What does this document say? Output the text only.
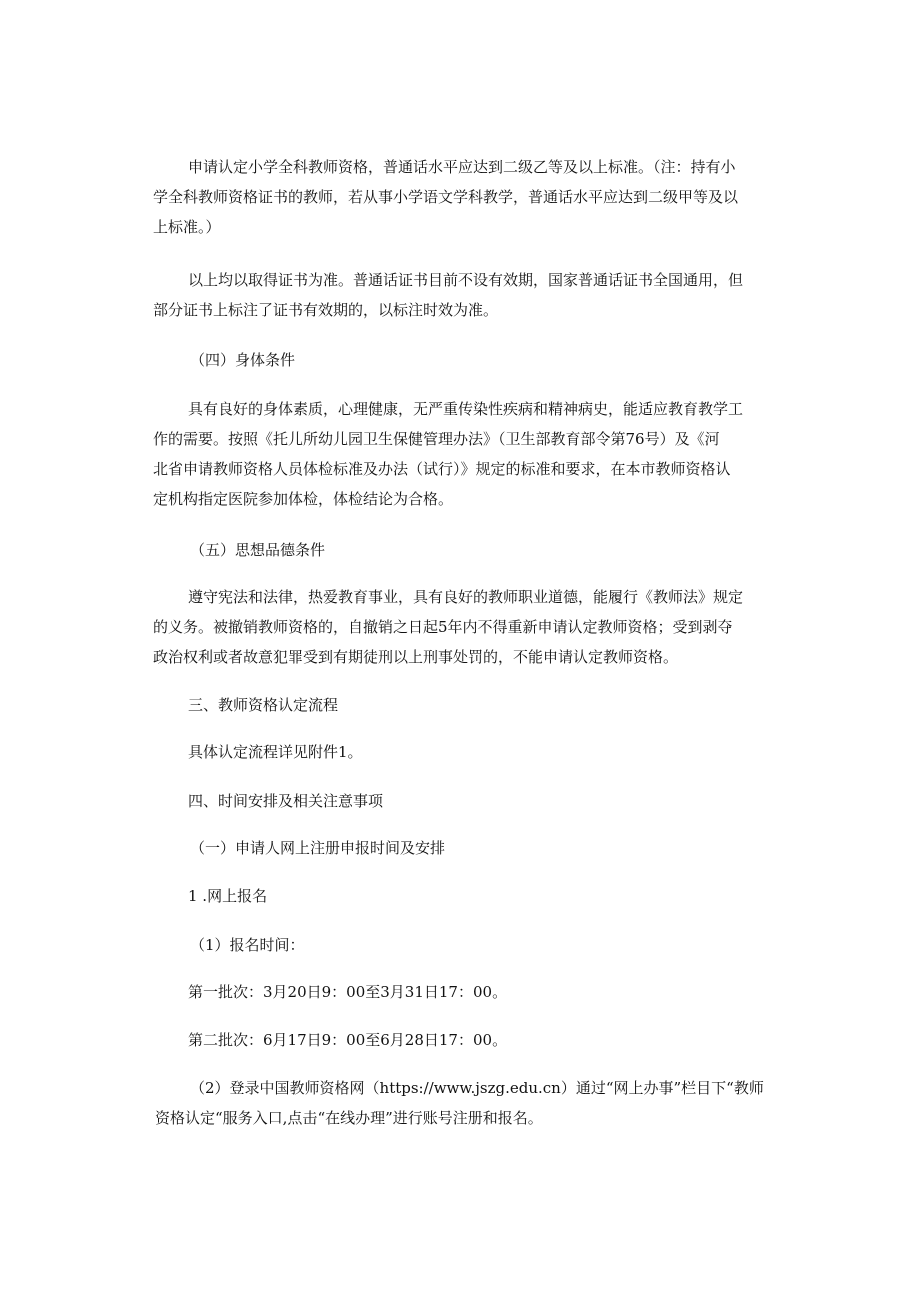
申请认定小学全科教师资格，普通话水平应达到二级乙等及以上标准。（注：持有小
学全科教师资格证书的教师，若从事小学语文学科教学，普通话水平应达到二级甲等及以
上标准。）

以上均以取得证书为准。普通话证书目前不设有效期，国家普通话证书全国通用，但
部分证书上标注了证书有效期的，以标注时效为准。

（四）身体条件

具有良好的身体素质，心理健康，无严重传染性疾病和精神病史，能适应教育教学工
作的需要。按照《托儿所幼儿园卫生保健管理办法》（卫生部教育部令第76号）及《河
北省申请教师资格人员体检标准及办法（试行）》规定的标准和要求，在本市教师资格认
定机构指定医院参加体检，体检结论为合格。

（五）思想品德条件

遵守宪法和法律，热爱教育事业，具有良好的教师职业道德，能履行《教师法》规定
的义务。被撤销教师资格的，自撤销之日起5年内不得重新申请认定教师资格；受到剥夺
政治权利或者故意犯罪受到有期徒刑以上刑事处罚的，不能申请认定教师资格。

三、教师资格认定流程

具体认定流程详见附件1。

四、时间安排及相关注意事项

（一）申请人网上注册申报时间及安排

1 .网上报名

（1）报名时间：

第一批次：3月20日9：00至3月31日17：00。

第二批次：6月17日9：00至6月28日17：00。

（2）登录中国教师资格网（https://www.jszg.edu.cn）通过“网上办事”栏目下“教师
资格认定“服务入口,点击“在线办理”进行账号注册和报名。
